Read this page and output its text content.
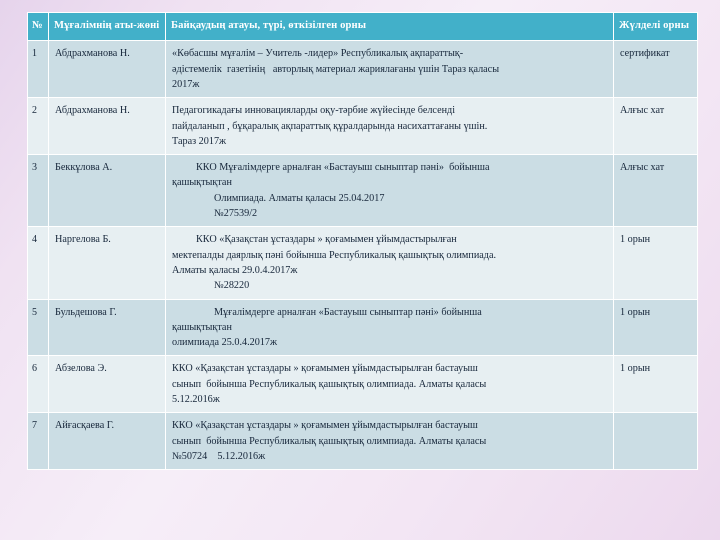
№	Мұғалімнің аты-жөні	Байқаудың атауы, түрі, өткізілген орны	Жүлделі орны
1	Абдрахманова Н.	«Көбасшы мұғалім – Учитель -лидер» Республикалық ақпараттық-
әдістемелік  газетінің   авторлық материал жариялағаны үшін Тараз қаласы
2017ж	сертификат
2	Абдрахманова Н.	Педагогикадағы инновацияларды оқу-тәрбие жүйесінде белсенді
пайдаланып , бұқаралық ақпараттық құралдарында насихаттағаны үшін.
Тараз 2017ж	Алғыс хат
3	Беккұлова А.	ККО Мұғалімдерге арналған «Бастауыш сыныптар пәні»  бойынша
қашықтықтан
Олимпиада. Алматы қаласы 25.04.2017
№27539/2	Алғыс хат
4	Наргелова Б.	ККО «Қазақстан ұстаздары » қоғамымен ұйымдастырылған
мектепалды даярлық пәні бойынша Республикалық қашықтық олимпиада.
Алматы қаласы 29.0.4.2017ж
№28220	1 орын
5	Бульдешова Г.	Мұғалімдерге арналған «Бастауыш сыныптар пәні» бойынша
қашықтықтан
олимпиада 25.0.4.2017ж	1 орын
6	Абзелова Э.	ККО «Қазақстан ұстаздары » қоғамымен ұйымдастырылған бастауыш
сынып  бойынша Республикалық қашықтық олимпиада. Алматы қаласы
5.12.2016ж	1 орын
7	Айғасқаева Г.	ККО «Қазақстан ұстаздары » қоғамымен ұйымдастырылған бастауыш
сынып  бойынша Республикалық қашықтық олимпиада. Алматы қаласы
№50724    5.12.2016ж	
